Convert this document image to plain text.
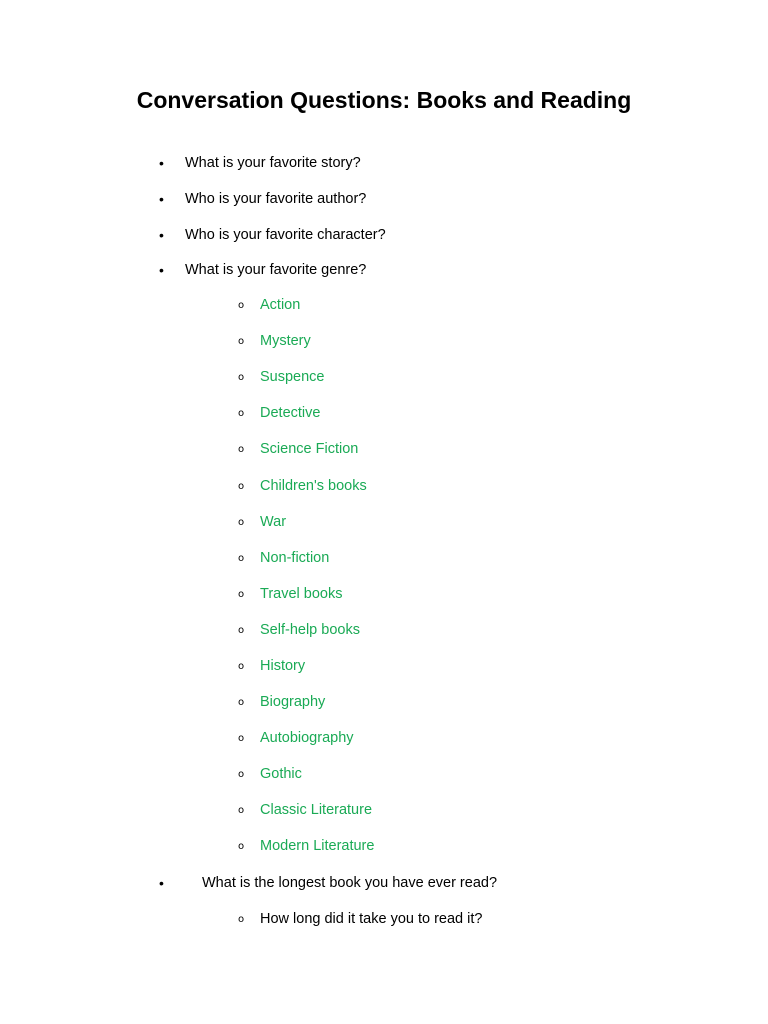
Conversation Questions: Books and Reading
•	What is your favorite story?
•	Who is your favorite author?
•	Who is your favorite character?
•	What is your favorite genre?
o Action
o Mystery
o Suspence
o Detective
o Science Fiction
o Children's books
o War
o Non-fiction
o Travel books
o Self-help books
o History
o Biography
o Autobiography
o Gothic
o Classic Literature
o Modern Literature
•	What is the longest book you have ever read?
o How long did it take you to read it?
